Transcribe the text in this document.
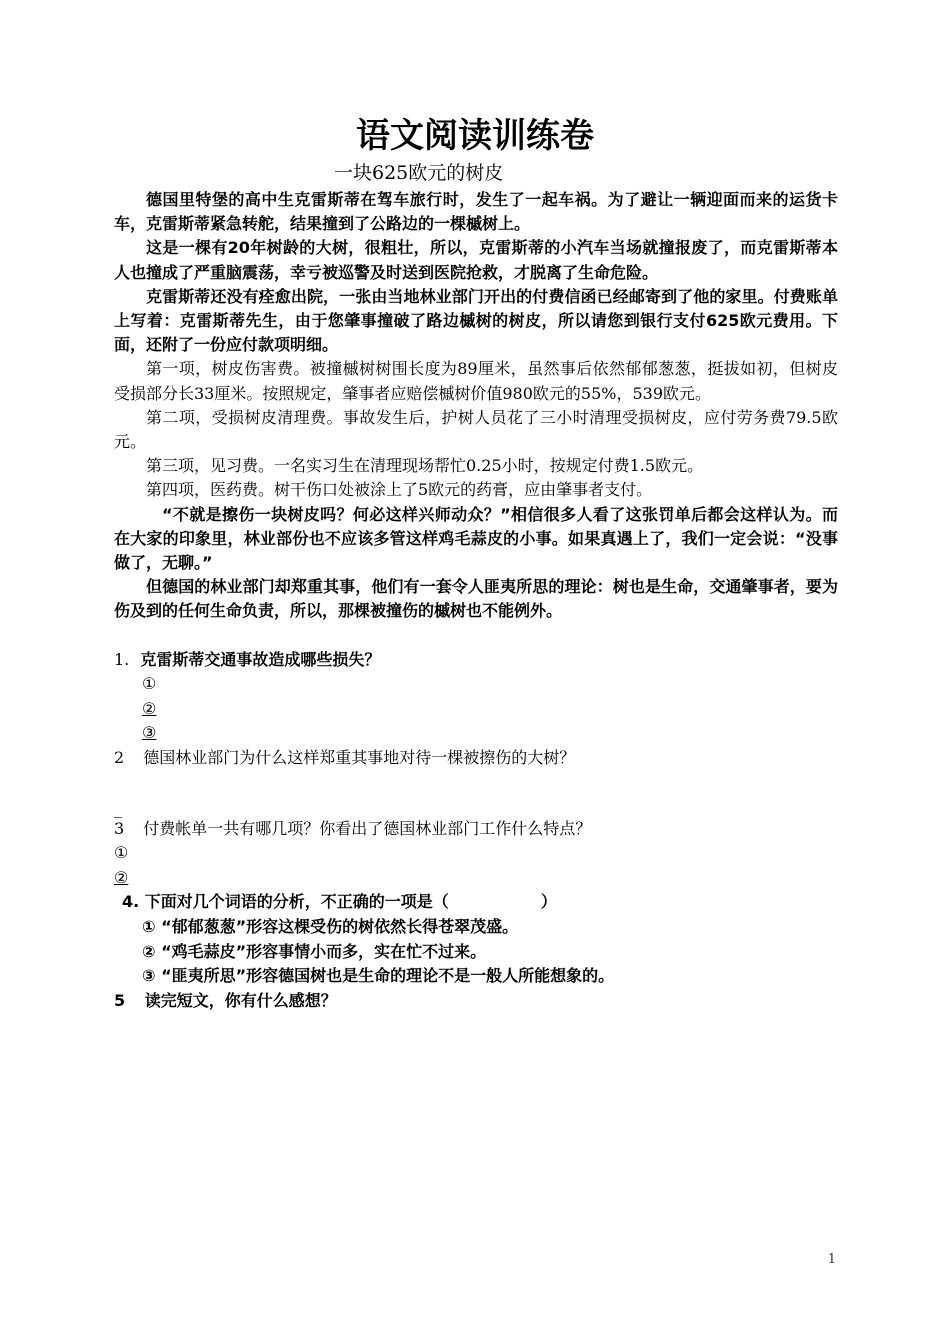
语文阅读训练卷
一块625欧元的树皮

德国里特堡的高中生克雷斯蒂在驾车旅行时，发生了一起车祸。为了避让一辆迎面而来的运货卡车，克雷斯蒂紧急转舵，结果撞到了公路边的一棵槭树上。

这是一棵有20年树龄的大树，很粗壮，所以，克雷斯蒂的小汽车当场就撞报废了，而克雷斯蒂本人也撞成了严重脑震荡，幸亏被巡警及时送到医院抢救，才脱离了生命危险。

克雷斯蒂还没有痊愈出院，一张由当地林业部门开出的付费信函已经邮寄到了他的家里。付费账单上写着：克雷斯蒂先生，由于您肇事撞破了路边槭树的树皮，所以请您到银行支付625欧元费用。下面，还附了一份应付款项明细。

第一项，树皮伤害费。被撞槭树树围长度为89厘米，虽然事后依然郁郁葱葱，挺拔如初，但树皮受损部分长33厘米。按照规定，肇事者应赔偿槭树价值980欧元的55%，539欧元。

第二项，受损树皮清理费。事故发生后，护树人员花了三小时清理受损树皮，应付劳务费79.5欧元。

第三项，见习费。一名实习生在清理现场帮忙0.25小时，按规定付费1.5欧元。

第四项，医药费。树干伤口处被涂上了5欧元的药膏，应由肇事者支付。

“不就是擦伤一块树皮吗？何必这样兴师动众？”相信很多人看了这张罚单后都会这样认为。而在大家的印象里，林业部份也不应该多管这样鸡毛蒜皮的小事。如果真遇上了，我们一定会说：“没事做了，无聊。”

但德国的林业部门却郑重其事，他们有一套令人匪夷所思的理论：树也是生命，交通肇事者，要为伤及到的任何生命负责，所以，那棵被撞伤的槭树也不能例外。

1. 克雷斯蒂交通事故造成哪些损失？

①

②

③

2 德国林业部门为什么这样郑重其事地对待一棵被擦伤的大树？

_

3 付费帐单一共有哪几项？你看出了德国林业部门工作什么特点？

①

②

4. 下面对几个词语的分析，不正确的一项是（	）

① “郁郁葱葱”形容这棵受伤的树依然长得苍翠茂盛。

② “鸡毛蒜皮”形容事情小而多，实在忙不过来。

③ “匪夷所思”形容德国树也是生命的理论不是一般人所能想象的。

5 读完短文，你有什么感想？

1
